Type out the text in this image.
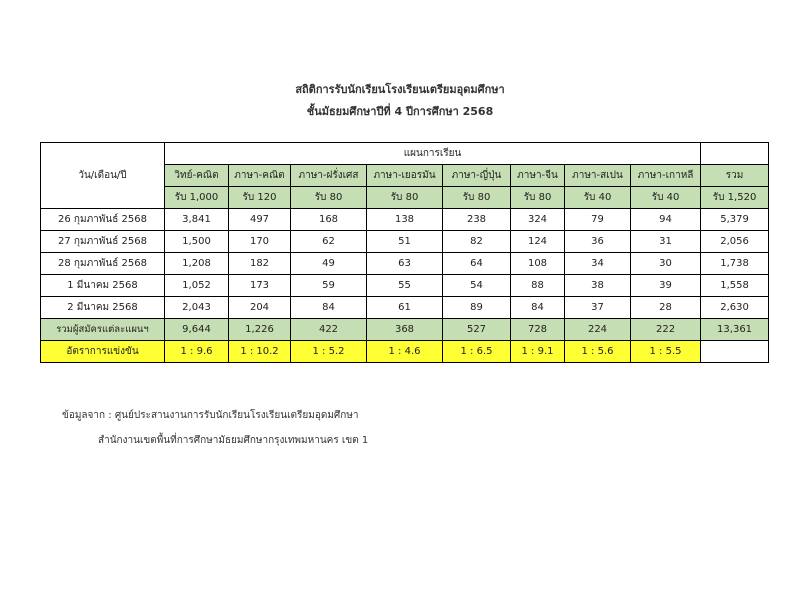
สถิติการรับนักเรียนโรงเรียนเตรียมอุดมศึกษา
ชั้นมัธยมศึกษาปีที่ 4 ปีการศึกษา 2568
วัน/เดือน/ปี	แผนการเรียน								
	วิทย์-คณิต	ภาษา-คณิต	ภาษา-ฝรั่งเศส	ภาษา-เยอรมัน	ภาษา-ญี่ปุ่น	ภาษา-จีน	ภาษา-สเปน	ภาษา-เกาหลี	รวม
	รับ 1,000	รับ 120	รับ 80	รับ 80	รับ 80	รับ 80	รับ 40	รับ 40	รับ 1,520
26 กุมภาพันธ์ 2568	3,841	497	168	138	238	324	79	94	5,379
27 กุมภาพันธ์ 2568	1,500	170	62	51	82	124	36	31	2,056
28 กุมภาพันธ์ 2568	1,208	182	49	63	64	108	34	30	1,738
1 มีนาคม 2568	1,052	173	59	55	54	88	38	39	1,558
2 มีนาคม 2568	2,043	204	84	61	89	84	37	28	2,630
รวมผู้สมัครแต่ละแผนฯ	9,644	1,226	422	368	527	728	224	222	13,361
อัตราการแข่งขัน	1 : 9.6	1 : 10.2	1 : 5.2	1 : 4.6	1 : 6.5	1 : 9.1	1 : 5.6	1 : 5.5	
ข้อมูลจาก : ศูนย์ประสานงานการรับนักเรียนโรงเรียนเตรียมอุดมศึกษา
สำนักงานเขตพื้นที่การศึกษามัธยมศึกษากรุงเทพมหานคร เขต 1
